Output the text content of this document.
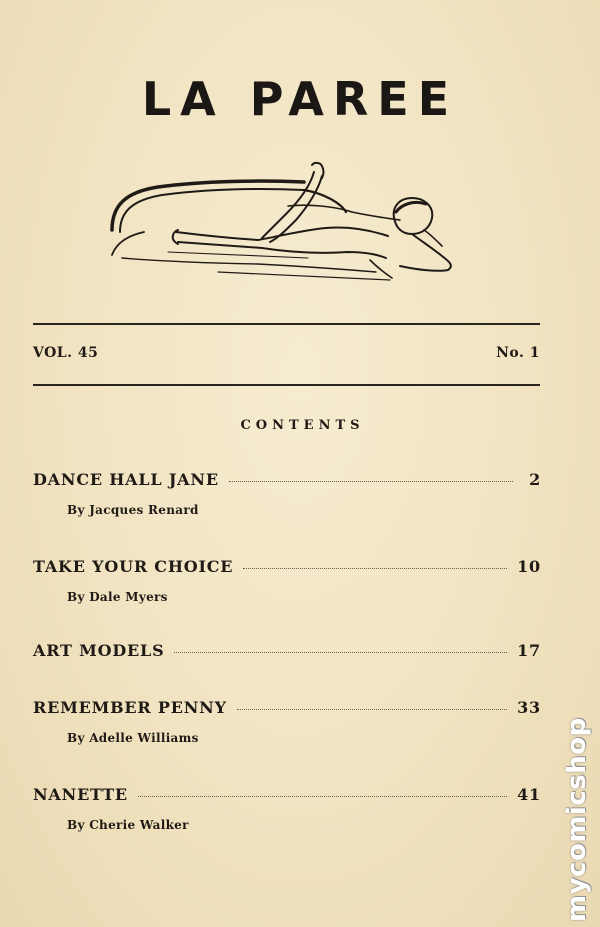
LA PAREE
VOL. 45	No. 1
CONTENTS
DANCE HALL JANE	2
By Jacques Renard
TAKE YOUR CHOICE	10
By Dale Myers
ART MODELS	17
REMEMBER PENNY	33
By Adelle Williams
NANETTE	41
By Cherie Walker	mycomicshop
